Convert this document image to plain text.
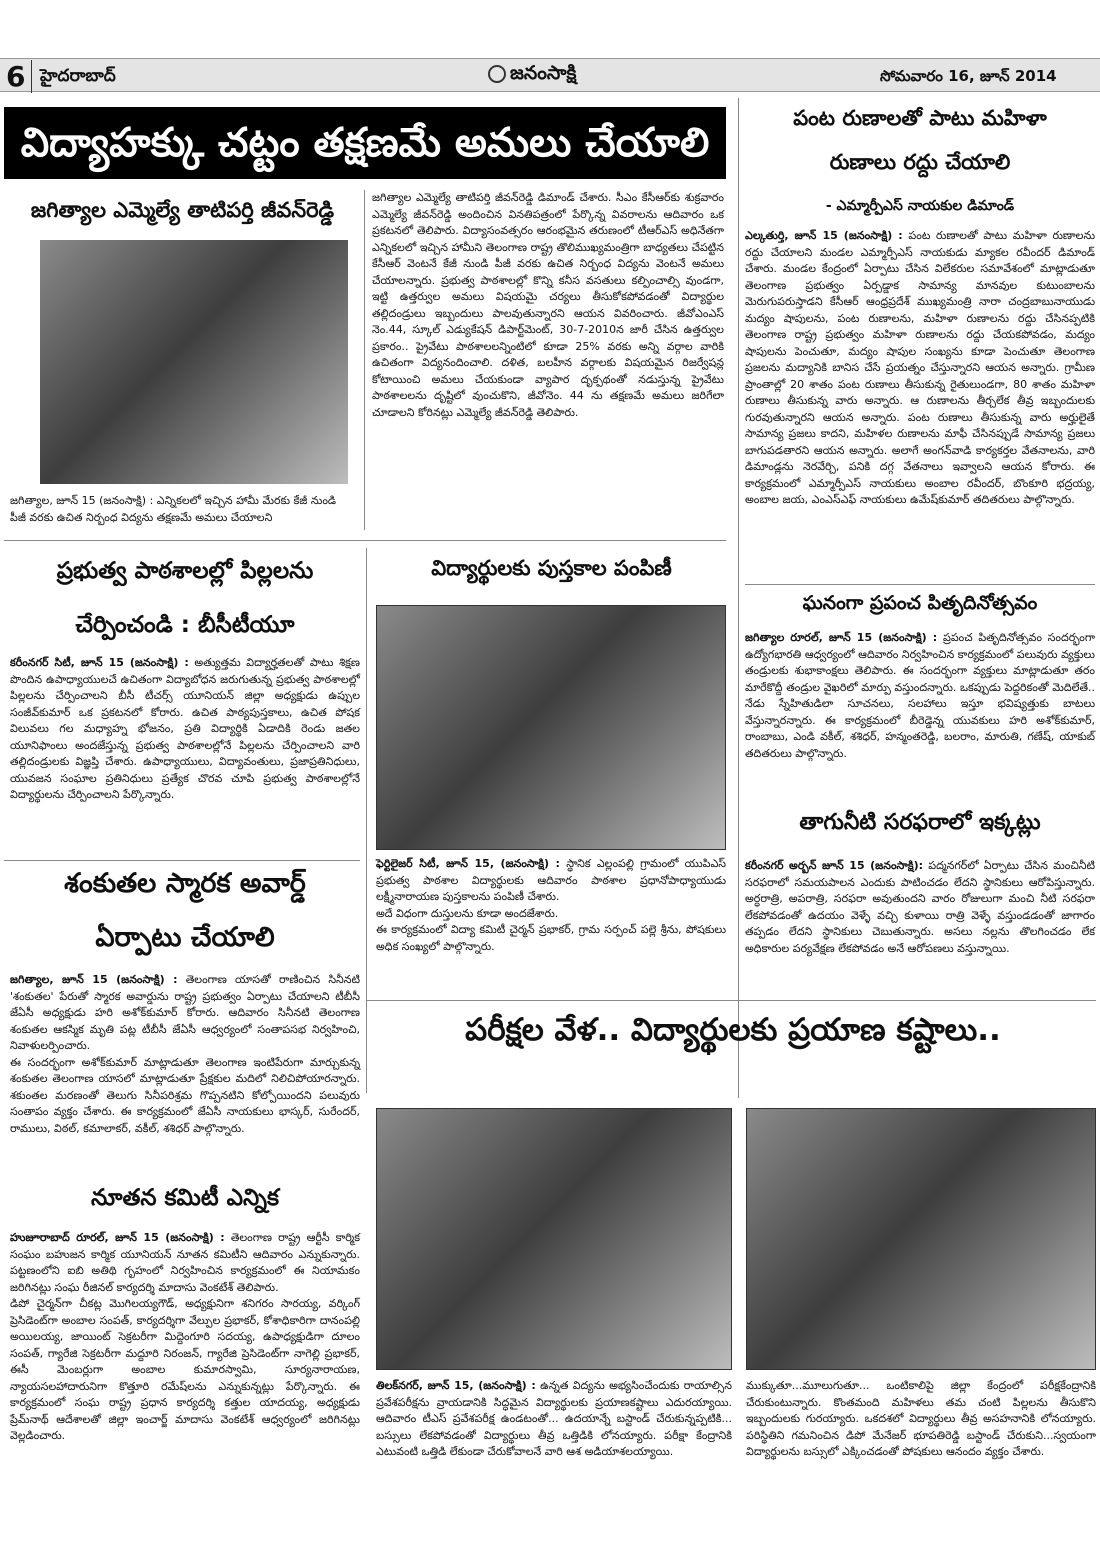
6 హైదరాబాద్	జనంసాక్షి	సోమవారం 16, జూన్ 2014
విద్యాహక్కు చట్టం తక్షణమే అమలు చేయాలి
జగిత్యాల ఎమ్మెల్యే తాటిపర్తి జీవన్‌రెడ్డి
జగిత్యాల, జూన్ 15 (జనంసాక్షి) : ఎన్నికలలో ఇచ్చిన హామీ మేరకు కేజీ నుండి పీజీ వరకు ఉచిత నిర్బంధ విద్యను తక్షణమే అమలు చేయాలని
జగిత్యాల ఎమ్మెల్యే తాటిపర్తి జీవన్‌రెడ్డి డిమాండ్ చేశారు. సీఎం కేసీఆర్‌కు శుక్రవారం ఎమ్మెల్యే జీవన్‌రెడ్డి అందించిన వినతిపత్రంలో పేర్కొన్న వివరాలను ఆదివారం ఒక ప్రకటనలో తెలిపారు. విద్యాసంవత్సరం ఆరంభమైన తరుణంలో టీఆర్‌ఎస్ అధినేతగా ఎన్నికలలో ఇచ్చిన హామీని తెలంగాణ రాష్ట్ర తొలిముఖ్యమంత్రిగా బాధ్యతలు చేపట్టిన కేసీఆర్ వెంటనే కేజీ నుండి పీజీ వరకు ఉచిత నిర్బంధ విద్యను వెంటనే అమలు చేయాలన్నారు. ప్రభుత్వ పాఠశాలల్లో కొన్ని కనీస వసతులు కల్పించాల్సి వుండగా, ఇట్టి ఉత్తర్వుల అమలు విషయమై చర్యలు తీసుకోకపోవడంతో విద్యార్థుల తల్లిదండ్రులు ఇబ్బందులు పాలవుతున్నారని ఆయన వివరించారు. జీవోఎంఎస్ నెం.44, స్కూల్ ఎడ్యుకేషన్ డిపార్ట్‌మెంట్, 30-7-2010న జారీ చేసిన ఉత్తర్వుల ప్రకారం.. ప్రైవేటు పాఠశాలలన్నింటిలో కూడా 25% వరకు అన్ని వర్గాల వారికి ఉచితంగా విద్యనందించాలి. దళిత, బలహీన వర్గాలకు విషయమైన రిజర్వేషన్ల కోటాయించి అమలు చేయకుండా వ్యాపార దృక్పథంతో నడుస్తున్న ప్రైవేటు పాఠశాలలను దృష్టిలో వుంచుకొని, జీవోనెం. 44 ను తక్షణమే అమలు జరిగేలా చూడాలని కోరినట్లు ఎమ్మెల్యే జీవన్‌రెడ్డి తెలిపారు.
పంట రుణాలతో పాటు మహిళా
రుణాలు రద్దు చేయాలి
- ఎమ్మార్పీఎస్ నాయకుల డిమాండ్
ఎల్కతుర్తి, జూన్ 15 (జనంసాక్షి) : పంట రుణాలతో పాటు మహిళా రుణాలను రద్దు చేయాలని మండల ఎమ్మార్పీఎస్ నాయకుడు మ్యాకల రవీందర్ డిమాండ్ చేశారు. మండల కేంద్రంలో ఏర్పాటు చేసిన విలేకరుల సమావేశంలో మాట్లాడుతూ తెలంగాణ ప్రభుత్వం ఏర్పడ్డాక సామాన్య మానవుల కుటుంబాలను మెరుగుపరుస్తాడని కేసీఆర్ ఆంధ్రప్రదేశ్ ముఖ్యమంత్రి నారా చంద్రబాబునాయుడు మద్యం షాపులను, పంట రుణాలను, మహిళా రుణాలను రద్దు చేసినప్పటికి తెలంగాణ రాష్ట్ర ప్రభుత్వం మహిళా రుణాలను రద్దు చేయకపోవడం, మద్యం షాపులను పెంచుతూ, మద్యం షాపుల సంఖ్యను కూడా పెంచుతూ తెలంగాణ ప్రజలను మద్యానికి బానిస చేసే ప్రయత్నం చేస్తున్నారని ఆయన అన్నారు. గ్రామీణ ప్రాంతాల్లో 20 శాతం పంట రుణాలు తీసుకున్న రైతులుండగా, 80 శాతం మహిళా రుణాలు తీసుకున్న వారు అన్నారు. ఆ రుణాలను తీర్చలేక తీవ్ర ఇబ్బందులకు గురవుతున్నారని ఆయన అన్నారు. పంట రుణాలు తీసుకున్న వారు అర్హులైతే సామాన్య ప్రజలు కాదని, మహిళల రుణాలను మాఫీ చేసినప్పుడే సామాన్య ప్రజలు బాగుపడతారని ఆయన అన్నారు. అలాగే అంగన్‌వాడి కార్యకర్తల వేతనాలను, వారి డిమాండ్లను నెరవేర్చి, పనికి దగ్గ వేతనాలు ఇవ్వాలని ఆయన కోరారు. ఈ కార్యక్రమంలో ఎమ్మార్పీఎస్ నాయకులు అంబాల రవీందర్, బొంకూరి భద్రయ్య, అంబాల జయ, ఎంఎస్‌ఎఫ్ నాయకులు ఉమేష్‌కుమార్ తదితరులు పాల్గొన్నారు.
ప్రభుత్వ పాఠశాలల్లో పిల్లలను
చేర్పించండి : బీసీటీయూ
కరీంనగర్ సిటీ, జూన్ 15 (జనంసాక్షి) : అత్యుత్తమ విద్యార్హతలతో పాటు శిక్షణ పొందిన ఉపాధ్యాయులచే ఉచితంగా విద్యాబోధన జరుగుతున్న ప్రభుత్వ పాఠశాలల్లో పిల్లలను చేర్పించాలని బీసీ టీచర్స్ యూనియన్ జిల్లా అధ్యక్షుడు ఉప్పుల సంజీవ్‌కుమార్ ఒక ప్రకటనలో కోరారు. ఉచిత పాఠ్యపుస్తకాలు, ఉచిత పోషక విలువలు గల మధ్యాహ్న భోజనం, ప్రతి విద్యార్థికి ఏడాదికి రెండు జతల యూనిఫాంలు అందజేస్తున్న ప్రభుత్వ పాఠశాలల్లోనే పిల్లలను చేర్పించాలని వారి తల్లిదండ్రులకు విజ్ఞప్తి చేశారు. ఉపాధ్యాయులు, విద్యావంతులు, ప్రజాప్రతినిధులు, యువజన సంఘాల ప్రతినిధులు ప్రత్యేక చొరవ చూపి ప్రభుత్వ పాఠశాలల్లోనే విద్యార్థులను చేర్పించాలని పేర్కొన్నారు.
విద్యార్థులకు పుస్తకాల పంపిణీ
ఫెర్టిలైజర్ సిటీ, జూన్ 15, (జనంసాక్షి) : స్థానిక ఎల్లంపల్లి గ్రామంలో యుపిఎస్ ప్రభుత్వ పాఠశాల విద్యార్థులకు ఆదివారం పాఠశాల ప్రధానోపాధ్యాయుడు లక్ష్మీనారాయణ పుస్తకాలను పంపిణీ చేశారు.
అదే విధంగా దుస్తులను కూడా అందజేశారు.
ఈ కార్యక్రమంలో విద్యా కమిటీ చైర్మన్ ప్రభాకర్, గ్రామ సర్పంచ్ పల్లె శ్రీను, పోషకులు అధిక సంఖ్యలో పాల్గొన్నారు.
ఘనంగా ప్రపంచ పితృదినోత్సవం
జగిత్యాల రూరల్, జూన్ 15 (జనంసాక్షి) : ప్రపంచ పితృదినోత్సవం సందర్భంగా ఉద్యోగభారతి ఆధ్వర్యంలో ఆదివారం నిర్వహించిన కార్యక్రమంలో పలువురు వ్యక్తులు తండ్రులకు శుభాకాంక్షలు తెలిపారు. ఈ సందర్భంగా వ్యక్తులు మాట్లాడుతూ తరం మారేకొద్దీ తండ్రుల వైఖరిలో మార్పు వస్తుందన్నారు. ఒకప్పుడు పెద్దరికంతో మెదిలేతే.. నేడు స్నేహితుడిలా సూచనలు, సలహాలు ఇస్తూ భవిష్యత్తుకు బాటలు వేస్తున్నారన్నారు. ఈ కార్యక్రమంలో బీరెడ్డెన్న యువకులు హరి అశోక్‌కుమార్, రాంబాబు, ఎండి వకీల్, శశిధర్, హన్మంతరెడ్డి, బలరాం, మారుతి, గణేష్, యాకుబ్ తదితరులు పాల్గొన్నారు.
తాగునీటి సరఫరాలో ఇక్కట్లు
కరీంనగర్ అర్బన్ జూన్ 15 (జనంసాక్షి): పద్మనగర్‌లో ఏర్పాటు చేసిన మంచినీటి సరఫరాలో సమయపాలన ఎందుకు పాటించడం లేదని స్థానికులు ఆరోపిస్తున్నారు. అర్ధరాత్రి, అపరాత్రి, సరఫరా అవుతుందని వారం రోజులుగా మంచి నీటి సరఫరా లేకపోవడంతో ఉదయం వెళ్ళే వచ్చి కుళాయి రాత్రి వెళ్ళే వస్తుండడంతో జాగారం తప్పడం లేదని స్థానికులు చెబుతున్నారు. అసలు నల్లను తొలగించడం లేక అధికారుల పర్యవేక్షణ లేకపోవడం అనే ఆరోపణలు వస్తున్నాయి.
శంకుతల స్మారక అవార్డ్
ఏర్పాటు చేయాలి
జగిత్యాల, జూన్ 15 (జనంసాక్షి) : తెలంగాణ యాసతో రాణించిన సినీనటి 'శంకుతల' పేరుతో స్మారక అవార్డును రాష్ట్ర ప్రభుత్వం ఏర్పాటు చేయాలని టీబీసీ జేఏసీ అధ్యక్షుడు హరి అశోక్‌కుమార్ కోరారు. ఆదివారం సినీనటి తెలంగాణ శంకుతల ఆకస్మిక మృతి పట్ల టీబీసీ జేఏసీ ఆధ్వర్యంలో సంతాపసభ నిర్వహించి, నివాళులర్పించారు.
ఈ సందర్భంగా అశోక్‌కుమార్ మాట్లాడుతూ తెలంగాణ ఇంటిపేరుగా మార్చుకున్న శంకుతల తెలంగాణ యాసలో మాట్లాడుతూ ప్రేక్షకుల మదిలో నిలిచిపోయారన్నారు. శకుంతల మరణంతో తెలుగు సినీపరిశ్రమ గొప్పనటిని కోల్పోయిందని పలువురు సంతాపం వ్యక్తం చేశారు. ఈ కార్యక్రమంలో జేఏసీ నాయకులు భాస్కర్, సురేందర్, రాములు, విఠల్, కమాలాకర్, వకీల్, శశిధర్ పాల్గొన్నారు.
నూతన కమిటీ ఎన్నిక
హుజూరాబాద్ రూరల్, జూన్ 15 (జనంసాక్షి) : తెలంగాణ రాష్ట్ర ఆర్టీసీ కార్మిక సంఘం బహుజన కార్మిక యూనియన్ నూతన కమిటీని ఆదివారం ఎన్నుకున్నారు. పట్టణంలోని ఐబి అతిథి గృహంలో నిర్వహించిన కార్యక్రమంలో ఈ నియామకం జరిగినట్లు సంఘ రీజినల్ కార్యదర్శి మాదాసు వెంకటేశ్ తెలిపారు.
డిపో చైర్మన్‌గా చీకట్ల మొగిలయ్యగౌడ్, అధ్యక్షునిగా శనిగరం సారయ్య, వర్కింగ్ ప్రెసిడెంట్‌గా అంబాల సంపత్, కార్యదర్శిగా వేల్పుల ప్రభాకర్, కోశాధికారిగా దానంపల్లి అయిలయ్య, జాయింట్ సెక్రటరీగా మిద్దెంగూరి సదయ్య, ఉపాధ్యక్షుడిగా దూలం సంపత్, గ్యారేజి సెక్రటరీగా మద్దూరి నిరంజన్, గ్యారేజి ప్రెసిడెంట్‌గా నాగెల్లి ప్రభాకర్, ఈసీ మెంబర్లుగా అంబాల కుమారస్వామి, సూర్యనారాయణ, న్యాయసలహాదారునిగా కొత్తూరి రమేష్‌లను ఎన్నుకున్నట్లు పేర్కొన్నారు. ఈ కార్యక్రమంలో సంఘ రాష్ట్ర ప్రధాన కార్యదర్శి కత్తుల యాదయ్య, అధ్యక్షుడు ప్రేమ్‌నాథ్ ఆదేశాలతో జిల్లా ఇంచార్జ్ మాదాసు వెంకటేశ్ ఆధ్వర్యంలో జరిగినట్లు వెల్లడించారు.
పరీక్షల వేళ.. విద్యార్థులకు ప్రయాణ కష్టాలు..
తిలక్‌నగర్, జూన్ 15, (జనంసాక్షి) : ఉన్నత విద్యను అభ్యసించేందుకు రాయాల్సిన ప్రవేశపరీక్షను వ్రాయడానికి సిద్ధమైన విద్యార్థులకు ప్రయాణకష్టాలు ఎదురయ్యాయి. ఆదివారం టీఎస్ ప్రవేశపరీక్ష ఉండటంతో... ఉదయాన్నే బస్టాండ్ చేరుకున్నప్పటికి... బస్సులు లేకపోవడంతో విద్యార్థులు తీవ్ర ఒత్తిడికి లోనయ్యారు. పరీక్షా కేంద్రానికి ఎటువంటి ఒత్తిడి లేకుండా చేరుకోవాలనే వారి ఆశ అడియాశలయ్యాయి.
ముక్కుతూ...మూలుగుతూ... ఒంటికాలిపై జిల్లా కేంద్రంలో పరీక్షకేంద్రానికి చేరుకుంటున్నారు. కొంతమంది మహిళలు తమ చంటి పిల్లలను తీసుకొని ఇబ్బందులకు గురయ్యారు. ఒకదశలో విద్యార్థులు తీవ్ర అసహనానికి లోనయ్యారు. పరిస్థితిని గమనించిన డిపో మేనేజర్ భూపతిరెడ్డి బస్టాండ్ చేరుకుని...స్వయంగా విద్యార్థులను బస్సులో ఎక్కించడంతో పోషకులు ఆనందం వ్యక్తం చేశారు.
